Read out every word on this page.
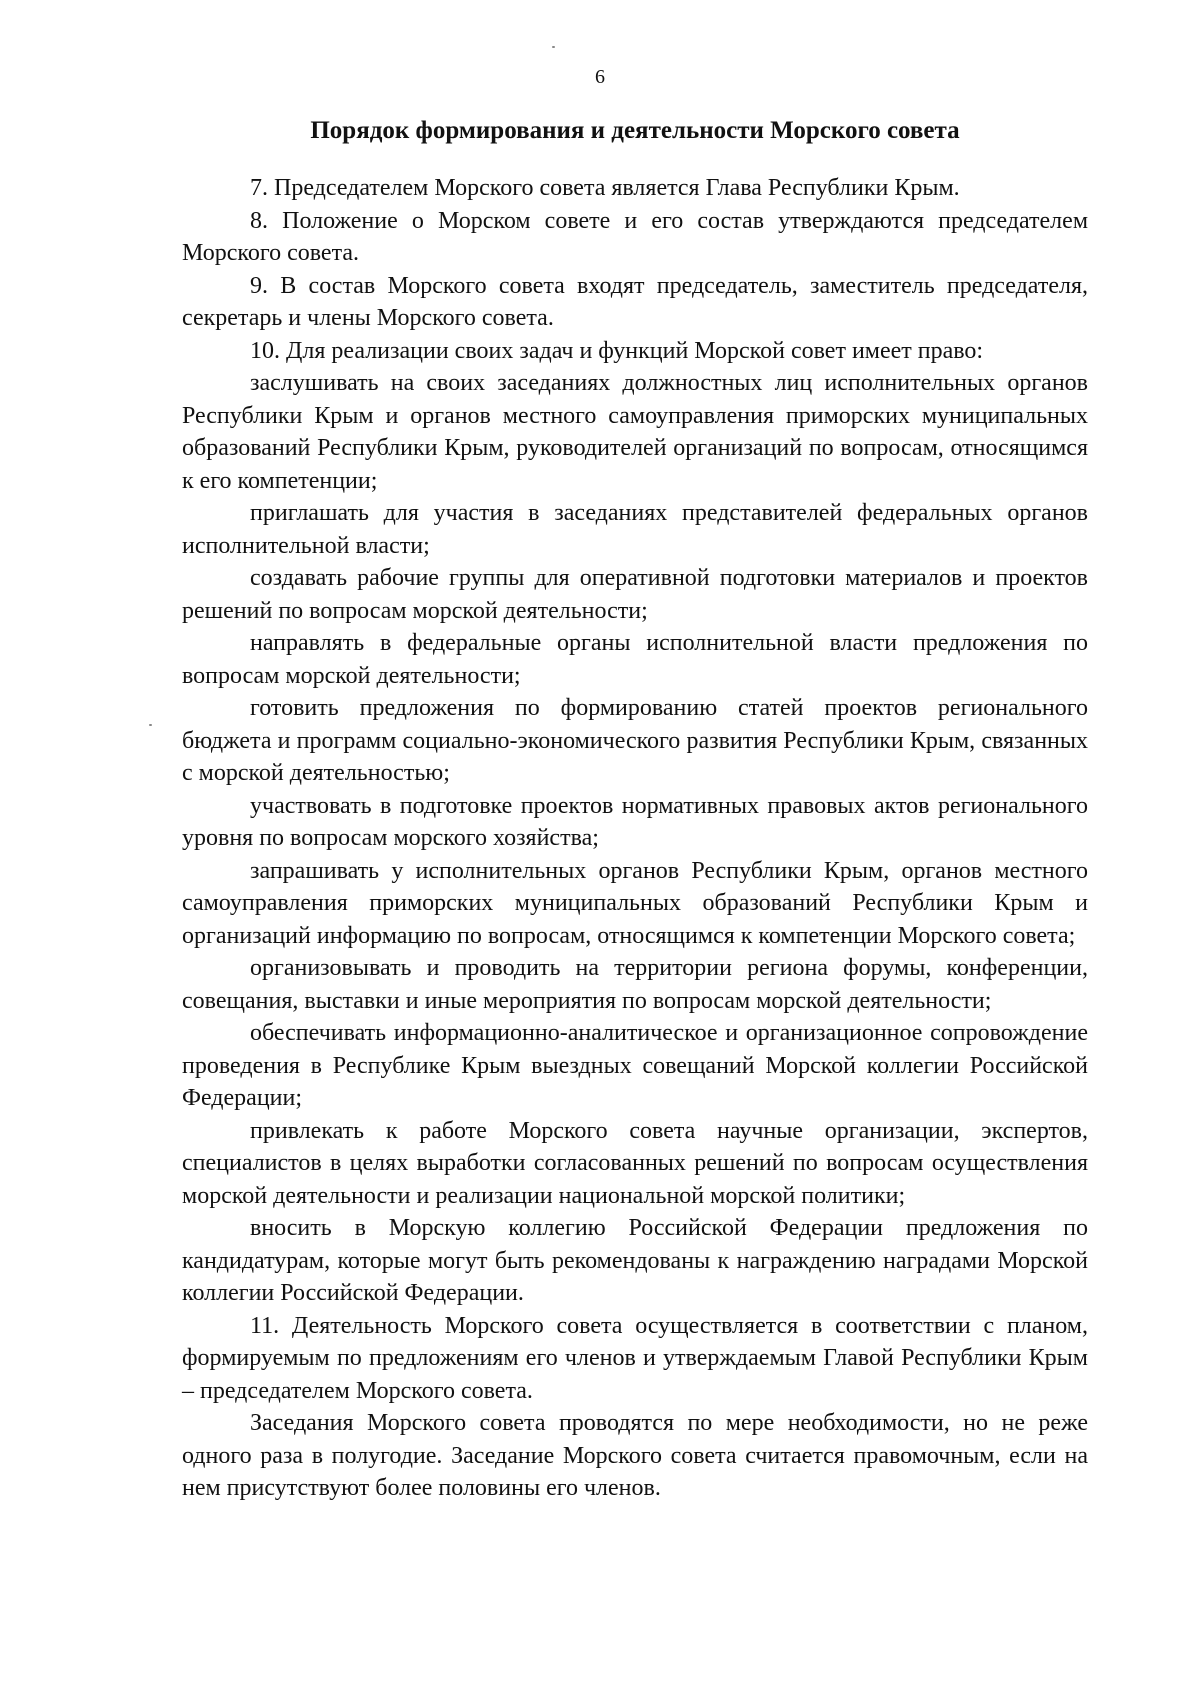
6
Порядок формирования и деятельности Морского совета

7. Председателем Морского совета является Глава Республики Крым.

8. Положение о Морском совете и его состав утверждаются председателем Морского совета.

9. В состав Морского совета входят председатель, заместитель председателя, секретарь и члены Морского совета.

10. Для реализации своих задач и функций Морской совет имеет право:

заслушивать на своих заседаниях должностных лиц исполнительных органов Республики Крым и органов местного самоуправления приморских муниципальных образований Республики Крым, руководителей организаций по вопросам, относящимся к его компетенции;

приглашать для участия в заседаниях представителей федеральных органов исполнительной власти;

создавать рабочие группы для оперативной подготовки материалов и проектов решений по вопросам морской деятельности;

направлять в федеральные органы исполнительной власти предложения по вопросам морской деятельности;

готовить предложения по формированию статей проектов регионального бюджета и программ социально-экономического развития Республики Крым, связанных с морской деятельностью;

участвовать в подготовке проектов нормативных правовых актов регионального уровня по вопросам морского хозяйства;

запрашивать у исполнительных органов Республики Крым, органов местного самоуправления приморских муниципальных образований Республики Крым и организаций информацию по вопросам, относящимся к компетенции Морского совета;

организовывать и проводить на территории региона форумы, конференции, совещания, выставки и иные мероприятия по вопросам морской деятельности;

обеспечивать информационно-аналитическое и организационное сопровождение проведения в Республике Крым выездных совещаний Морской коллегии Российской Федерации;

привлекать к работе Морского совета научные организации, экспертов, специалистов в целях выработки согласованных решений по вопросам осуществления морской деятельности и реализации национальной морской политики;

вносить в Морскую коллегию Российской Федерации предложения по кандидатурам, которые могут быть рекомендованы к награждению наградами Морской коллегии Российской Федерации.

11. Деятельность Морского совета осуществляется в соответствии с планом, формируемым по предложениям его членов и утверждаемым Главой Республики Крым – председателем Морского совета.

Заседания Морского совета проводятся по мере необходимости, но не реже одного раза в полугодие. Заседание Морского совета считается правомочным, если на нем присутствуют более половины его членов.
